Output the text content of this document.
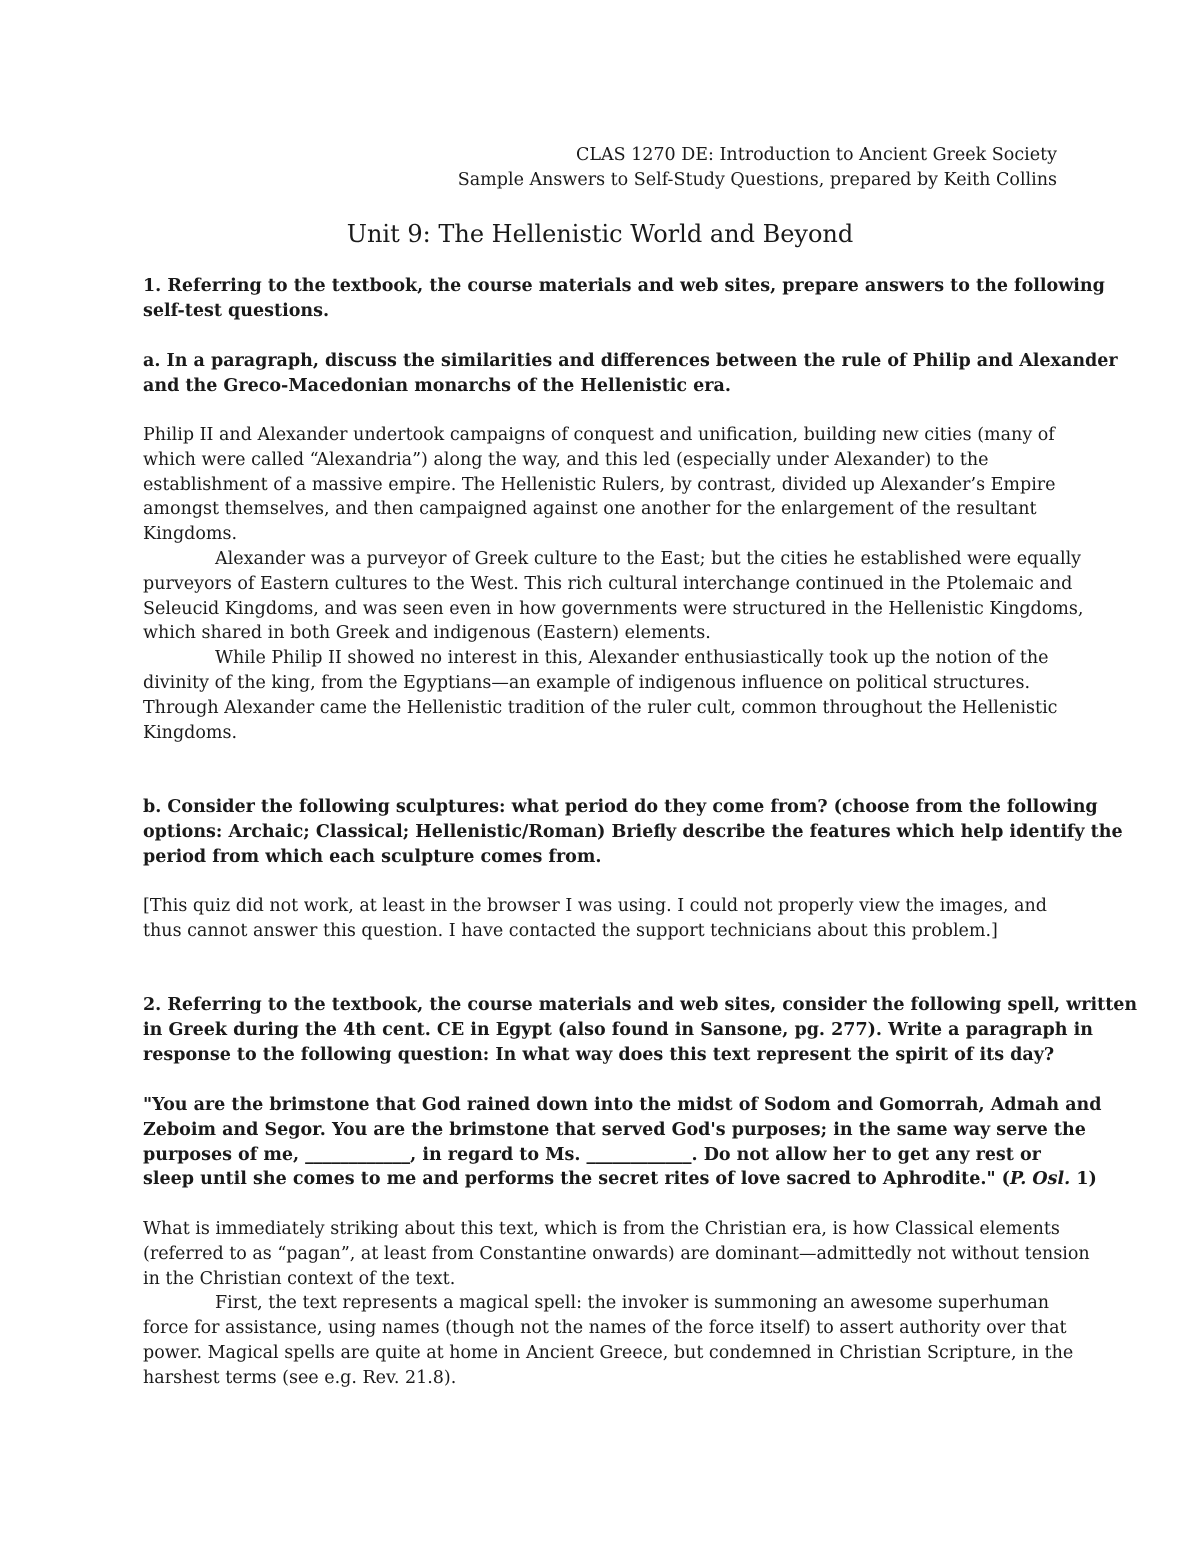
CLAS 1270 DE: Introduction to Ancient Greek Society
Sample Answers to Self-Study Questions, prepared by Keith Collins
Unit 9: The Hellenistic World and Beyond
1. Referring to the textbook, the course materials and web sites, prepare answers to the following
self-test questions.
a. In a paragraph, discuss the similarities and differences between the rule of Philip and Alexander
and the Greco-Macedonian monarchs of the Hellenistic era.
Philip II and Alexander undertook campaigns of conquest and unification, building new cities (many of
which were called “Alexandria”) along the way, and this led (especially under Alexander) to the
establishment of a massive empire. The Hellenistic Rulers, by contrast, divided up Alexander’s Empire
amongst themselves, and then campaigned against one another for the enlargement of the resultant
Kingdoms.
Alexander was a purveyor of Greek culture to the East; but the cities he established were equally
purveyors of Eastern cultures to the West. This rich cultural interchange continued in the Ptolemaic and
Seleucid Kingdoms, and was seen even in how governments were structured in the Hellenistic Kingdoms,
which shared in both Greek and indigenous (Eastern) elements.
While Philip II showed no interest in this, Alexander enthusiastically took up the notion of the
divinity of the king, from the Egyptians—an example of indigenous influence on political structures.
Through Alexander came the Hellenistic tradition of the ruler cult, common throughout the Hellenistic
Kingdoms.
b. Consider the following sculptures: what period do they come from? (choose from the following
options: Archaic; Classical; Hellenistic/Roman) Briefly describe the features which help identify the
period from which each sculpture comes from.
[This quiz did not work, at least in the browser I was using. I could not properly view the images, and
thus cannot answer this question. I have contacted the support technicians about this problem.]
2. Referring to the textbook, the course materials and web sites, consider the following spell, written
in Greek during the 4th cent. CE in Egypt (also found in Sansone, pg. 277). Write a paragraph in
response to the following question: In what way does this text represent the spirit of its day?
"You are the brimstone that God rained down into the midst of Sodom and Gomorrah, Admah and
Zeboim and Segor. You are the brimstone that served God's purposes; in the same way serve the
purposes of me, ____________, in regard to Ms. ____________. Do not allow her to get any rest or
sleep until she comes to me and performs the secret rites of love sacred to Aphrodite." (P. Osl. 1)
What is immediately striking about this text, which is from the Christian era, is how Classical elements
(referred to as “pagan”, at least from Constantine onwards) are dominant—admittedly not without tension
in the Christian context of the text.
First, the text represents a magical spell: the invoker is summoning an awesome superhuman
force for assistance, using names (though not the names of the force itself) to assert authority over that
power. Magical spells are quite at home in Ancient Greece, but condemned in Christian Scripture, in the
harshest terms (see e.g. Rev. 21.8).
